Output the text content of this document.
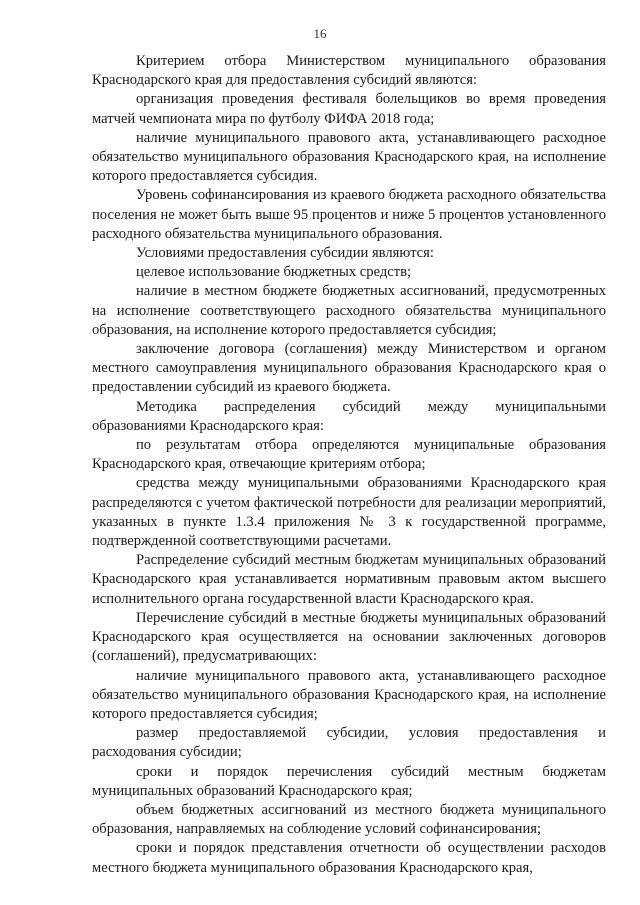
16

Критерием отбора Министерством муниципального образования Краснодарского края для предоставления субсидий являются:

организация проведения фестиваля болельщиков во время проведения матчей чемпионата мира по футболу ФИФА 2018 года;

наличие муниципального правового акта, устанавливающего расходное обязательство муниципального образования Краснодарского края, на исполнение которого предоставляется субсидия.

Уровень софинансирования из краевого бюджета расходного обязательства поселения не может быть выше 95 процентов и ниже 5 процентов установленного расходного обязательства муниципального образования.

Условиями предоставления субсидии являются:

целевое использование бюджетных средств;

наличие в местном бюджете бюджетных ассигнований, предусмотренных на исполнение соответствующего расходного обязательства муниципального образования, на исполнение которого предоставляется субсидия;

заключение договора (соглашения) между Министерством и органом местного самоуправления муниципального образования Краснодарского края о предоставлении субсидий из краевого бюджета.

Методика распределения субсидий между муниципальными образованиями Краснодарского края:

по результатам отбора определяются муниципальные образования Краснодарского края, отвечающие критериям отбора;

средства между муниципальными образованиями Краснодарского края распределяются с учетом фактической потребности для реализации мероприятий, указанных в пункте 1.3.4 приложения № 3 к государственной программе, подтвержденной соответствующими расчетами.

Распределение субсидий местным бюджетам муниципальных образований Краснодарского края устанавливается нормативным правовым актом высшего исполнительного органа государственной власти Краснодарского края.

Перечисление субсидий в местные бюджеты муниципальных образований Краснодарского края осуществляется на основании заключенных договоров (соглашений), предусматривающих:

наличие муниципального правового акта, устанавливающего расходное обязательство муниципального образования Краснодарского края, на исполнение которого предоставляется субсидия;

размер предоставляемой субсидии, условия предоставления и расходования субсидии;

сроки и порядок перечисления субсидий местным бюджетам муниципальных образований Краснодарского края;

объем бюджетных ассигнований из местного бюджета муниципального образования, направляемых на соблюдение условий софинансирования;

сроки и порядок представления отчетности об осуществлении расходов местного бюджета муниципального образования Краснодарского края,
